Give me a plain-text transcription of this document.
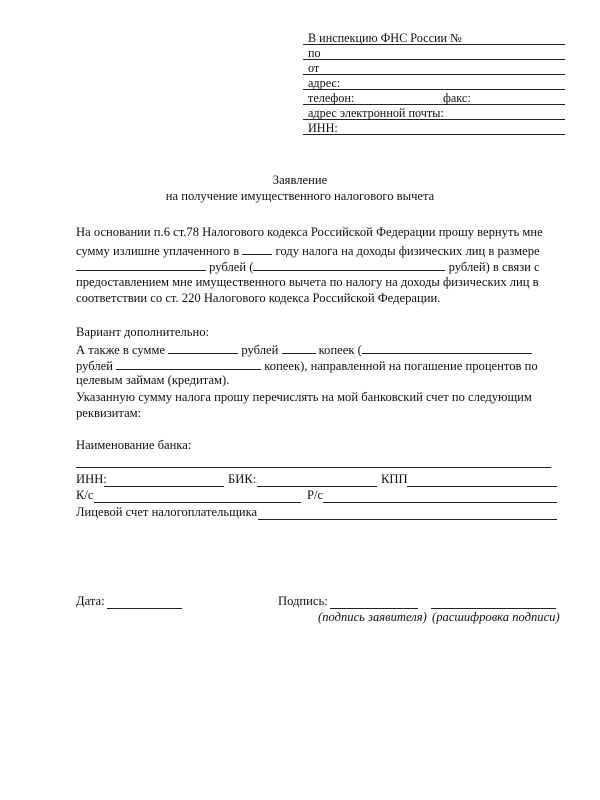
В инспекцию ФНС России №
по
от
адрес:
телефон:	факс:
адрес электронной почты:
ИНН:
Заявление
на получение имущественного налогового вычета
На основании п.6 ст.78 Налогового кодекса Российской Федерации прошу вернуть мне
сумму излишне уплаченного в	году налога на доходы физических лиц в размере
рублей (	рублей) в связи с
предоставлением мне имущественного вычета по налогу на доходы физических лиц в
соответствии со ст. 220 Налогового кодекса Российской Федерации.
Вариант дополнительно:
А также в сумме	рублей	копеек (
рублей	копеек), направленной на погашение процентов по
целевым займам (кредитам).
Указанную сумму налога прошу перечислять на мой банковский счет по следующим
реквизитам:
Наименование банка:
ИНН:	БИК:	КПП
К/с	Р/с
Лицевой счет налогоплательщика
Дата:	Подпись:
(подпись заявителя) (расшифровка подписи)
